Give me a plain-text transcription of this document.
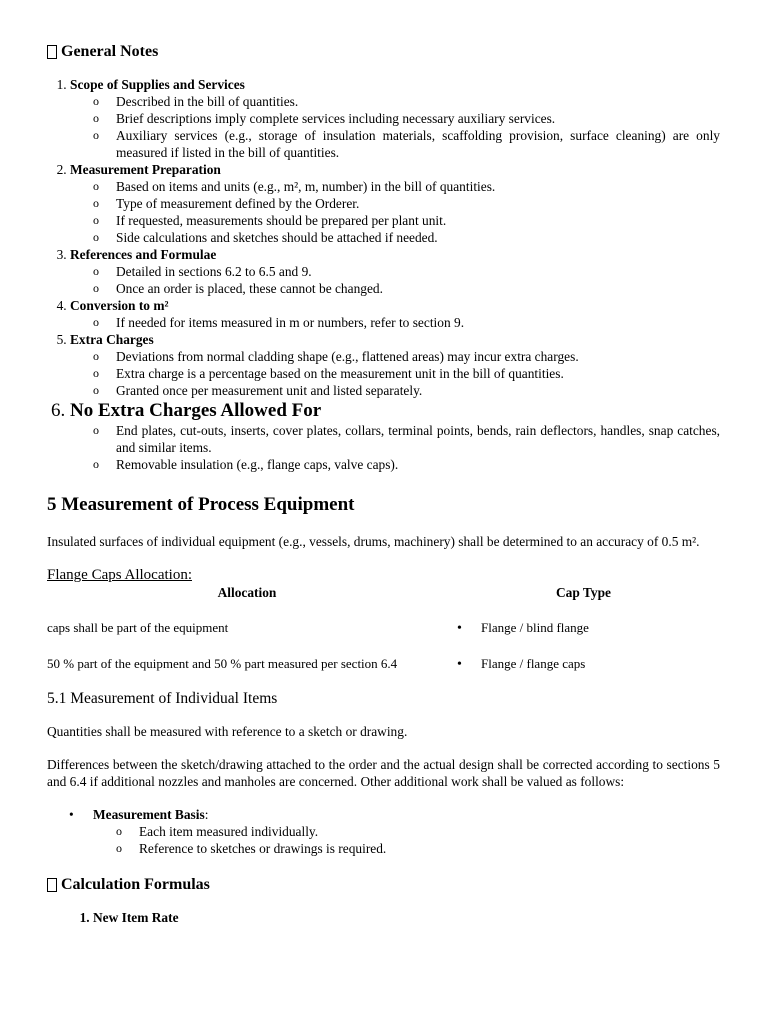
General Notes
1. Scope of Supplies and Services
o Described in the bill of quantities.
o Brief descriptions imply complete services including necessary auxiliary services.
o Auxiliary services (e.g., storage of insulation materials, scaffolding provision, surface cleaning) are only measured if listed in the bill of quantities.
2. Measurement Preparation
o Based on items and units (e.g., m², m, number) in the bill of quantities.
o Type of measurement defined by the Orderer.
o If requested, measurements should be prepared per plant unit.
o Side calculations and sketches should be attached if needed.
3. References and Formulae
o Detailed in sections 6.2 to 6.5 and 9.
o Once an order is placed, these cannot be changed.
4. Conversion to m²
o If needed for items measured in m or numbers, refer to section 9.
5. Extra Charges
o Deviations from normal cladding shape (e.g., flattened areas) may incur extra charges.
o Extra charge is a percentage based on the measurement unit in the bill of quantities.
o Granted once per measurement unit and listed separately.
6. No Extra Charges Allowed For
o End plates, cut-outs, inserts, cover plates, collars, terminal points, bends, rain deflectors, handles, snap catches, and similar items.
o Removable insulation (e.g., flange caps, valve caps).
5 Measurement of Process Equipment

Insulated surfaces of individual equipment (e.g., vessels, drums, machinery) shall be determined to an accuracy of 0.5 m².

Flange Caps Allocation:
Allocation	Cap Type
caps shall be part of the equipment	• Flange / blind flange
50 % part of the equipment and 50 % part measured per section 6.4	• Flange / flange caps
5.1 Measurement of Individual Items

Quantities shall be measured with reference to a sketch or drawing.

Differences between the sketch/drawing attached to the order and the actual design shall be corrected according to sections 5 and 6.4 if additional nozzles and manholes are concerned. Other additional work shall be valued as follows:

• Measurement Basis:
o Each item measured individually.
o Reference to sketches or drawings is required.
Calculation Formulas
1. New Item Rate
